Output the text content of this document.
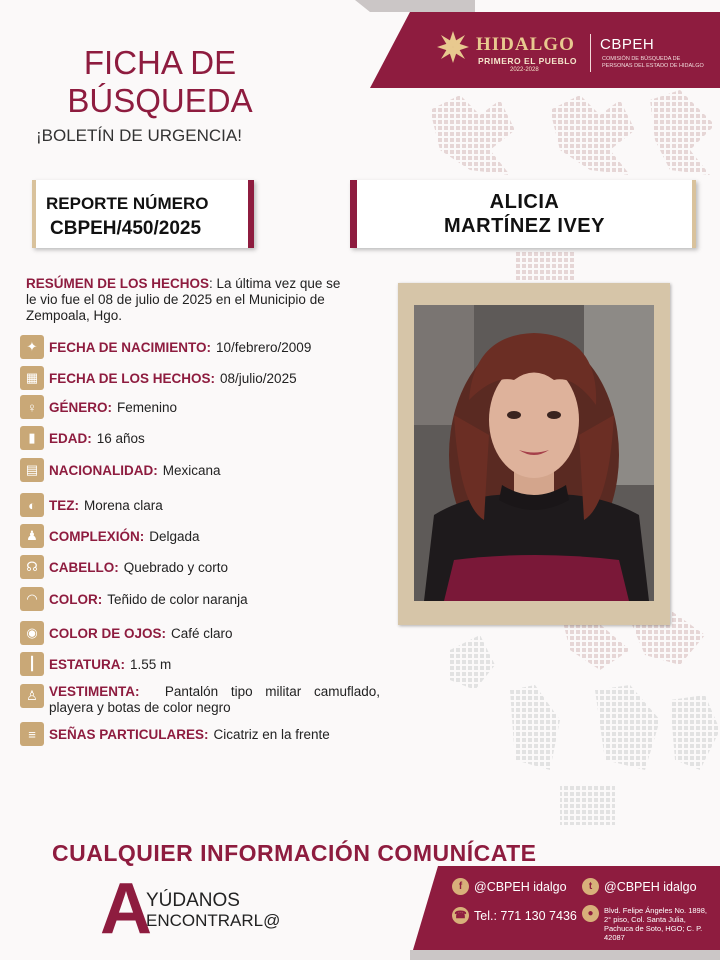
HIDALGO
PRIMERO EL PUEBLO
2022-2028
CBPEH
COMISIÓN DE BÚSQUEDA DE PERSONAS DEL ESTADO DE HIDALGO
FICHA DE
BÚSQUEDA
¡BOLETÍN DE URGENCIA!
REPORTE NÚMERO
CBPEH/450/2025
ALICIA
MARTÍNEZ IVEY
RESÚMEN DE LOS HECHOS: La última vez que se le vio fue el 08 de julio de 2025 en el Municipio de Zempoala, Hgo.
✦ FECHA DE NACIMIENTO: 10/febrero/2009
▦ FECHA DE LOS HECHOS: 08/julio/2025
♀ GÉNERO: Femenino
▮ EDAD: 16 años
▤ NACIONALIDAD: Mexicana
◐ TEZ: Morena clara
♟ COMPLEXIÓN: Delgada
☊ CABELLO: Quebrado y corto
◠ COLOR: Teñido de color naranja
◉ COLOR DE OJOS: Café claro
┃ ESTATURA: 1.55 m
♙ VESTIMENTA: Pantalón tipo militar camuflado, playera y botas de color negro
≡ SEÑAS PARTICULARES: Cicatriz en la frente
CUALQUIER INFORMACIÓN COMUNÍCATE
A
YÚDANOS
ENCONTRARL@
f @CBPEH idalgo	t @CBPEH idalgo
☎ Tel.: 771 130 7436	●	Blvd. Felipe Ángeles No. 1898, 2° piso, Col. Santa Julia, Pachuca de Soto, HGO; C. P. 42087
